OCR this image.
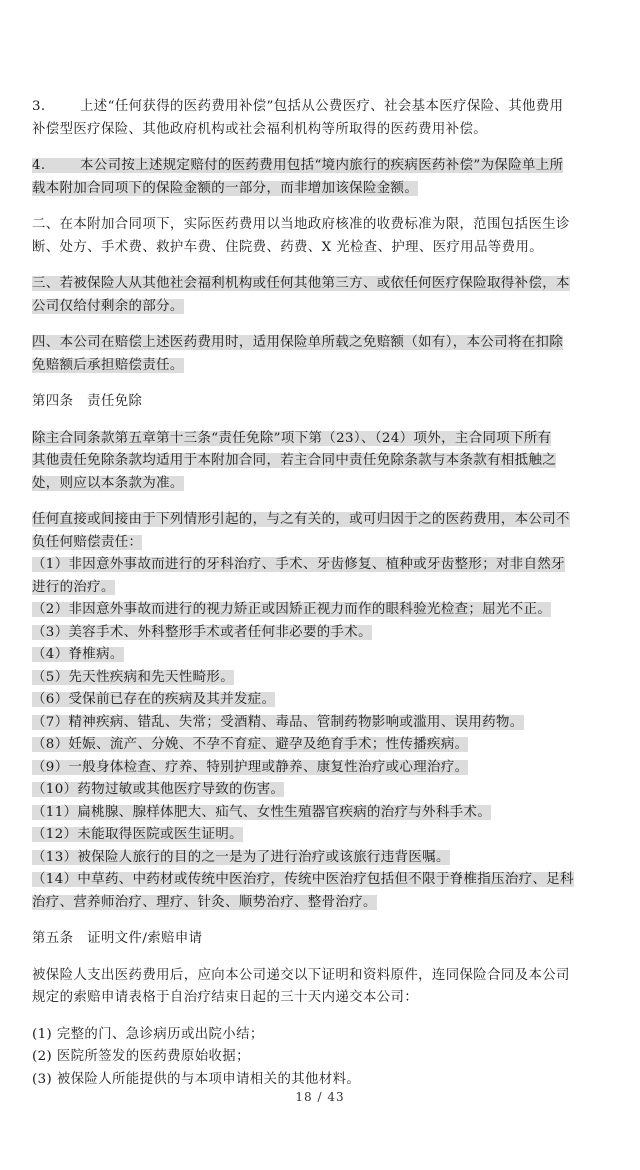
3.	上述“任何获得的医药费用补偿”包括从公费医疗、社会基本医疗保险、其他费用
补偿型医疗保险、其他政府机构或社会福利机构等所取得的医药费用补偿。

4.	本公司按上述规定赔付的医药费用包括“境内旅行的疾病医药补偿”为保险单上所
载本附加合同项下的保险金额的一部分，而非增加该保险金额。

二、在本附加合同项下，实际医药费用以当地政府核准的收费标准为限，范围包括医生诊
断、处方、手术费、救护车费、住院费、药费、X 光检查、护理、医疗用品等费用。

三、若被保险人从其他社会福利机构或任何其他第三方、或依任何医疗保险取得补偿，本
公司仅给付剩余的部分。

四、本公司在赔偿上述医药费用时，适用保险单所载之免赔额（如有），本公司将在扣除
免赔额后承担赔偿责任。

第四条　责任免除

除主合同条款第五章第十三条“责任免除”项下第（23）、（24）项外，主合同项下所有
其他责任免除条款均适用于本附加合同，若主合同中责任免除条款与本条款有相抵触之
处，则应以本条款为准。

任何直接或间接由于下列情形引起的，与之有关的，或可归因于之的医药费用，本公司不
负任何赔偿责任：
（1）非因意外事故而进行的牙科治疗、手术、牙齿修复、植种或牙齿整形；对非自然牙
进行的治疗。
（2）非因意外事故而进行的视力矫正或因矫正视力而作的眼科验光检查；屈光不正。
（3）美容手术、外科整形手术或者任何非必要的手术。
（4）脊椎病。
（5）先天性疾病和先天性畸形。
（6）受保前已存在的疾病及其并发症。
（7）精神疾病、错乱、失常；受酒精、毒品、管制药物影响或滥用、误用药物。
（8）妊娠、流产、分娩、不孕不育症、避孕及绝育手术；性传播疾病。
（9）一般身体检查、疗养、特别护理或静养、康复性治疗或心理治疗。
（10）药物过敏或其他医疗导致的伤害。
（11）扁桃腺、腺样体肥大、疝气、女性生殖器官疾病的治疗与外科手术。
（12）未能取得医院或医生证明。
（13）被保险人旅行的目的之一是为了进行治疗或该旅行违背医嘱。
（14）中草药、中药材或传统中医治疗，传统中医治疗包括但不限于脊椎指压治疗、足科
治疗、营养师治疗、理疗、针灸、顺势治疗、整骨治疗。

第五条　证明文件/索赔申请

被保险人支出医药费用后，应向本公司递交以下证明和资料原件，连同保险合同及本公司
规定的索赔申请表格于自治疗结束日起的三十天内递交本公司：

(1) 完整的门、急诊病历或出院小结；
(2) 医院所签发的医药费原始收据；
(3) 被保险人所能提供的与本项申请相关的其他材料。

18 / 43
